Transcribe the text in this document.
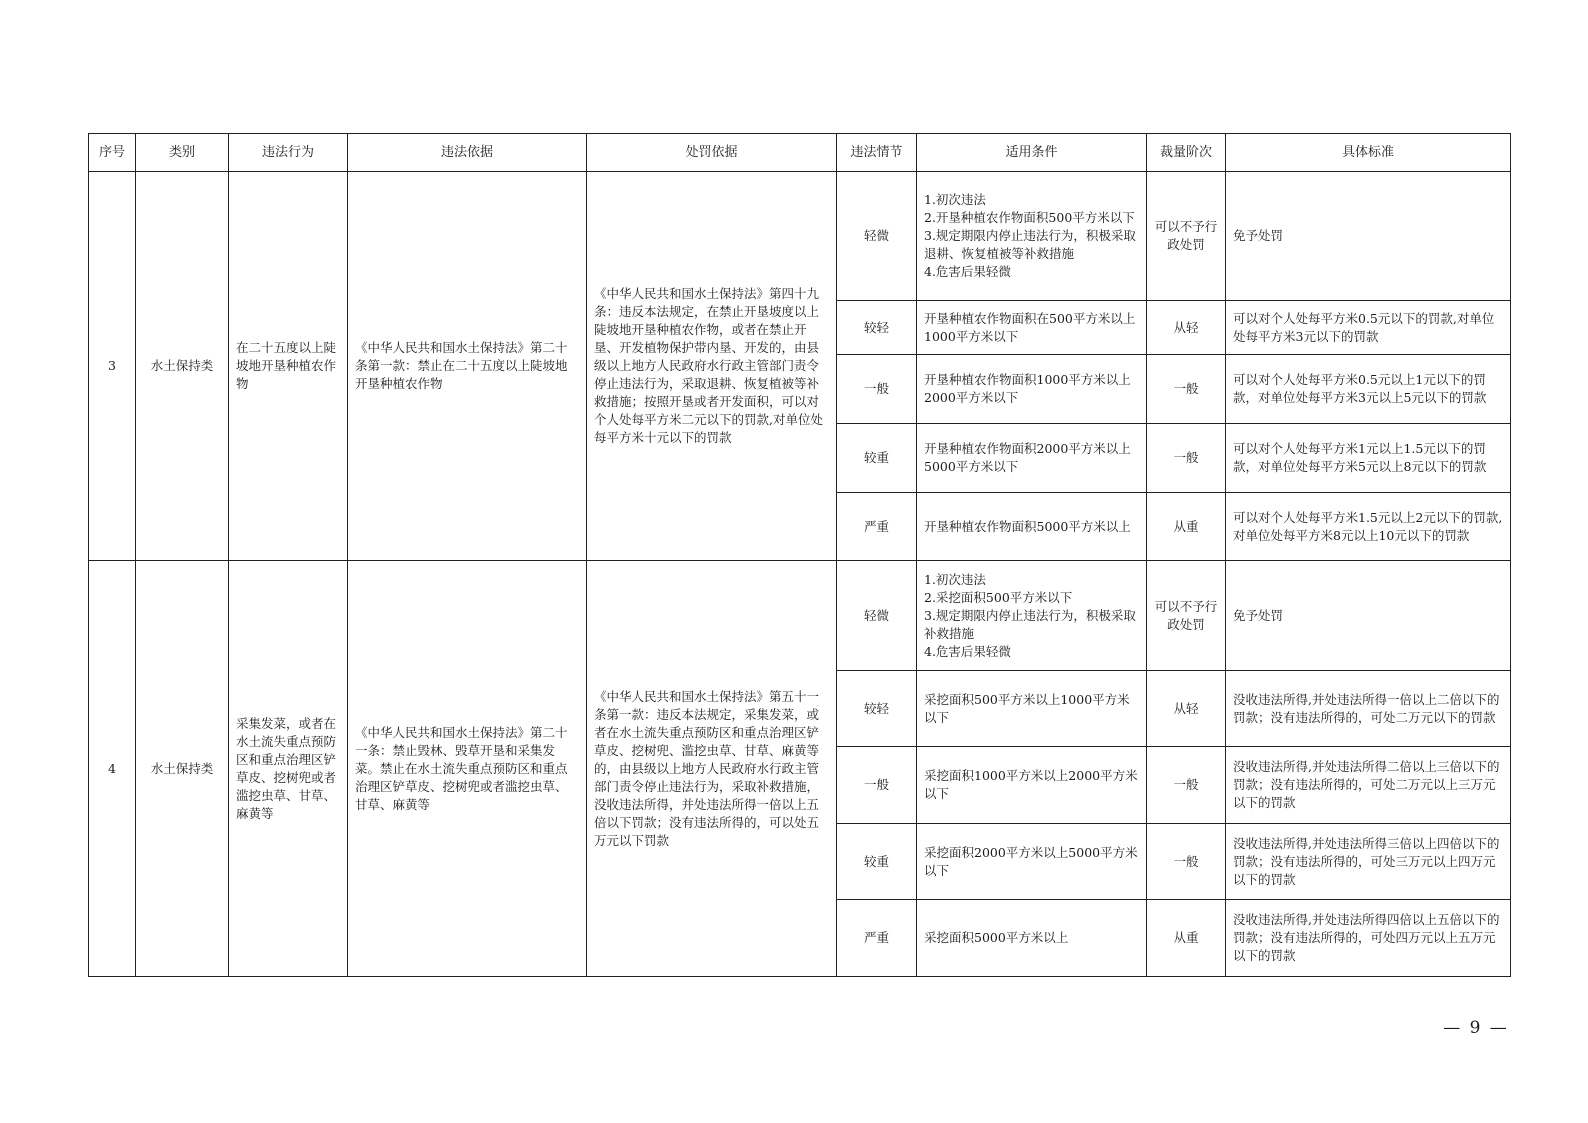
序号	类别	违法行为	违法依据	处罚依据	违法情节	适用条件	裁量阶次	具体标准
3	水土保持类	在二十五度以上陡坡地开垦种植农作物	《中华人民共和国水土保持法》第二十条第一款：禁止在二十五度以上陡坡地开垦种植农作物	《中华人民共和国水土保持法》第四十九条：违反本法规定，在禁止开垦坡度以上陡坡地开垦种植农作物，或者在禁止开垦、开发植物保护带内垦、开发的，由县级以上地方人民政府水行政主管部门责令停止违法行为，采取退耕、恢复植被等补救措施；按照开垦或者开发面积，可以对个人处每平方米二元以下的罚款,对单位处每平方米十元以下的罚款	轻微	1.初次违法
2.开垦种植农作物面积500平方米以下
3.规定期限内停止违法行为，积极采取退耕、恢复植被等补救措施
4.危害后果轻微	可以不予行政处罚	免予处罚
					较轻	开垦种植农作物面积在500平方米以上1000平方米以下	从轻	可以对个人处每平方米0.5元以下的罚款,对单位处每平方米3元以下的罚款
					一般	开垦种植农作物面积1000平方米以上2000平方米以下	一般	可以对个人处每平方米0.5元以上1元以下的罚款，对单位处每平方米3元以上5元以下的罚款
					较重	开垦种植农作物面积2000平方米以上5000平方米以下	一般	可以对个人处每平方米1元以上1.5元以下的罚款，对单位处每平方米5元以上8元以下的罚款
					严重	开垦种植农作物面积5000平方米以上	从重	可以对个人处每平方米1.5元以上2元以下的罚款,对单位处每平方米8元以上10元以下的罚款
4	水土保持类	采集发菜，或者在水土流失重点预防区和重点治理区铲草皮、挖树兜或者滥挖虫草、甘草、麻黄等	《中华人民共和国水土保持法》第二十一条：禁止毁林、毁草开垦和采集发菜。禁止在水土流失重点预防区和重点治理区铲草皮、挖树兜或者滥挖虫草、甘草、麻黄等	《中华人民共和国水土保持法》第五十一条第一款：违反本法规定，采集发菜，或者在水土流失重点预防区和重点治理区铲草皮、挖树兜、滥挖虫草、甘草、麻黄等的，由县级以上地方人民政府水行政主管部门责令停止违法行为，采取补救措施，没收违法所得，并处违法所得一倍以上五倍以下罚款；没有违法所得的，可以处五万元以下罚款	轻微	1.初次违法
2.采挖面积500平方米以下
3.规定期限内停止违法行为，积极采取补救措施
4.危害后果轻微	可以不予行政处罚	免予处罚
					较轻	采挖面积500平方米以上1000平方米以下	从轻	没收违法所得,并处违法所得一倍以上二倍以下的罚款；没有违法所得的，可处二万元以下的罚款
					一般	采挖面积1000平方米以上2000平方米以下	一般	没收违法所得,并处违法所得二倍以上三倍以下的罚款；没有违法所得的，可处二万元以上三万元以下的罚款
					较重	采挖面积2000平方米以上5000平方米以下	一般	没收违法所得,并处违法所得三倍以上四倍以下的罚款；没有违法所得的，可处三万元以上四万元以下的罚款
					严重	采挖面积5000平方米以上	从重	没收违法所得,并处违法所得四倍以上五倍以下的罚款；没有违法所得的，可处四万元以上五万元以下的罚款
— 9 —
